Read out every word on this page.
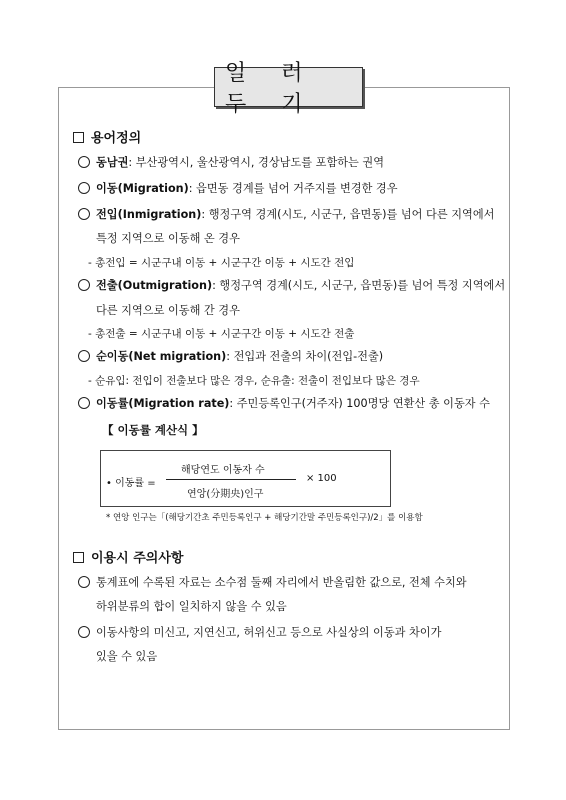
일 러 두 기
용어정의
동남권: 부산광역시, 울산광역시, 경상남도를 포함하는 권역
이동(Migration): 읍면동 경계를 넘어 거주지를 변경한 경우
전입(Inmigration): 행정구역 경계(시도, 시군구, 읍면동)를 넘어 다른 지역에서
특정 지역으로 이동해 온 경우
- 총전입 = 시군구내 이동 + 시군구간 이동 + 시도간 전입
전출(Outmigration): 행정구역 경계(시도, 시군구, 읍면동)를 넘어 특정 지역에서
다른 지역으로 이동해 간 경우
- 총전출 = 시군구내 이동 + 시군구간 이동 + 시도간 전출
순이동(Net migration): 전입과 전출의 차이(전입-전출)
- 순유입: 전입이 전출보다 많은 경우, 순유출: 전출이 전입보다 많은 경우
이동률(Migration rate): 주민등록인구(거주자) 100명당 연환산 총 이동자 수
【 이동률 계산식 】
• 이동률 =
해당연도 이동자 수
연앙(分期央)인구
× 100
* 연앙 인구는「(해당기간초 주민등록인구 + 해당기간말 주민등록인구)/2」를 이용함
이용시 주의사항
통계표에 수록된 자료는 소수점 둘째 자리에서 반올림한 값으로, 전체 수치와
하위분류의 합이 일치하지 않을 수 있음
이동사항의 미신고, 지연신고, 허위신고 등으로 사실상의 이동과 차이가
있을 수 있음
